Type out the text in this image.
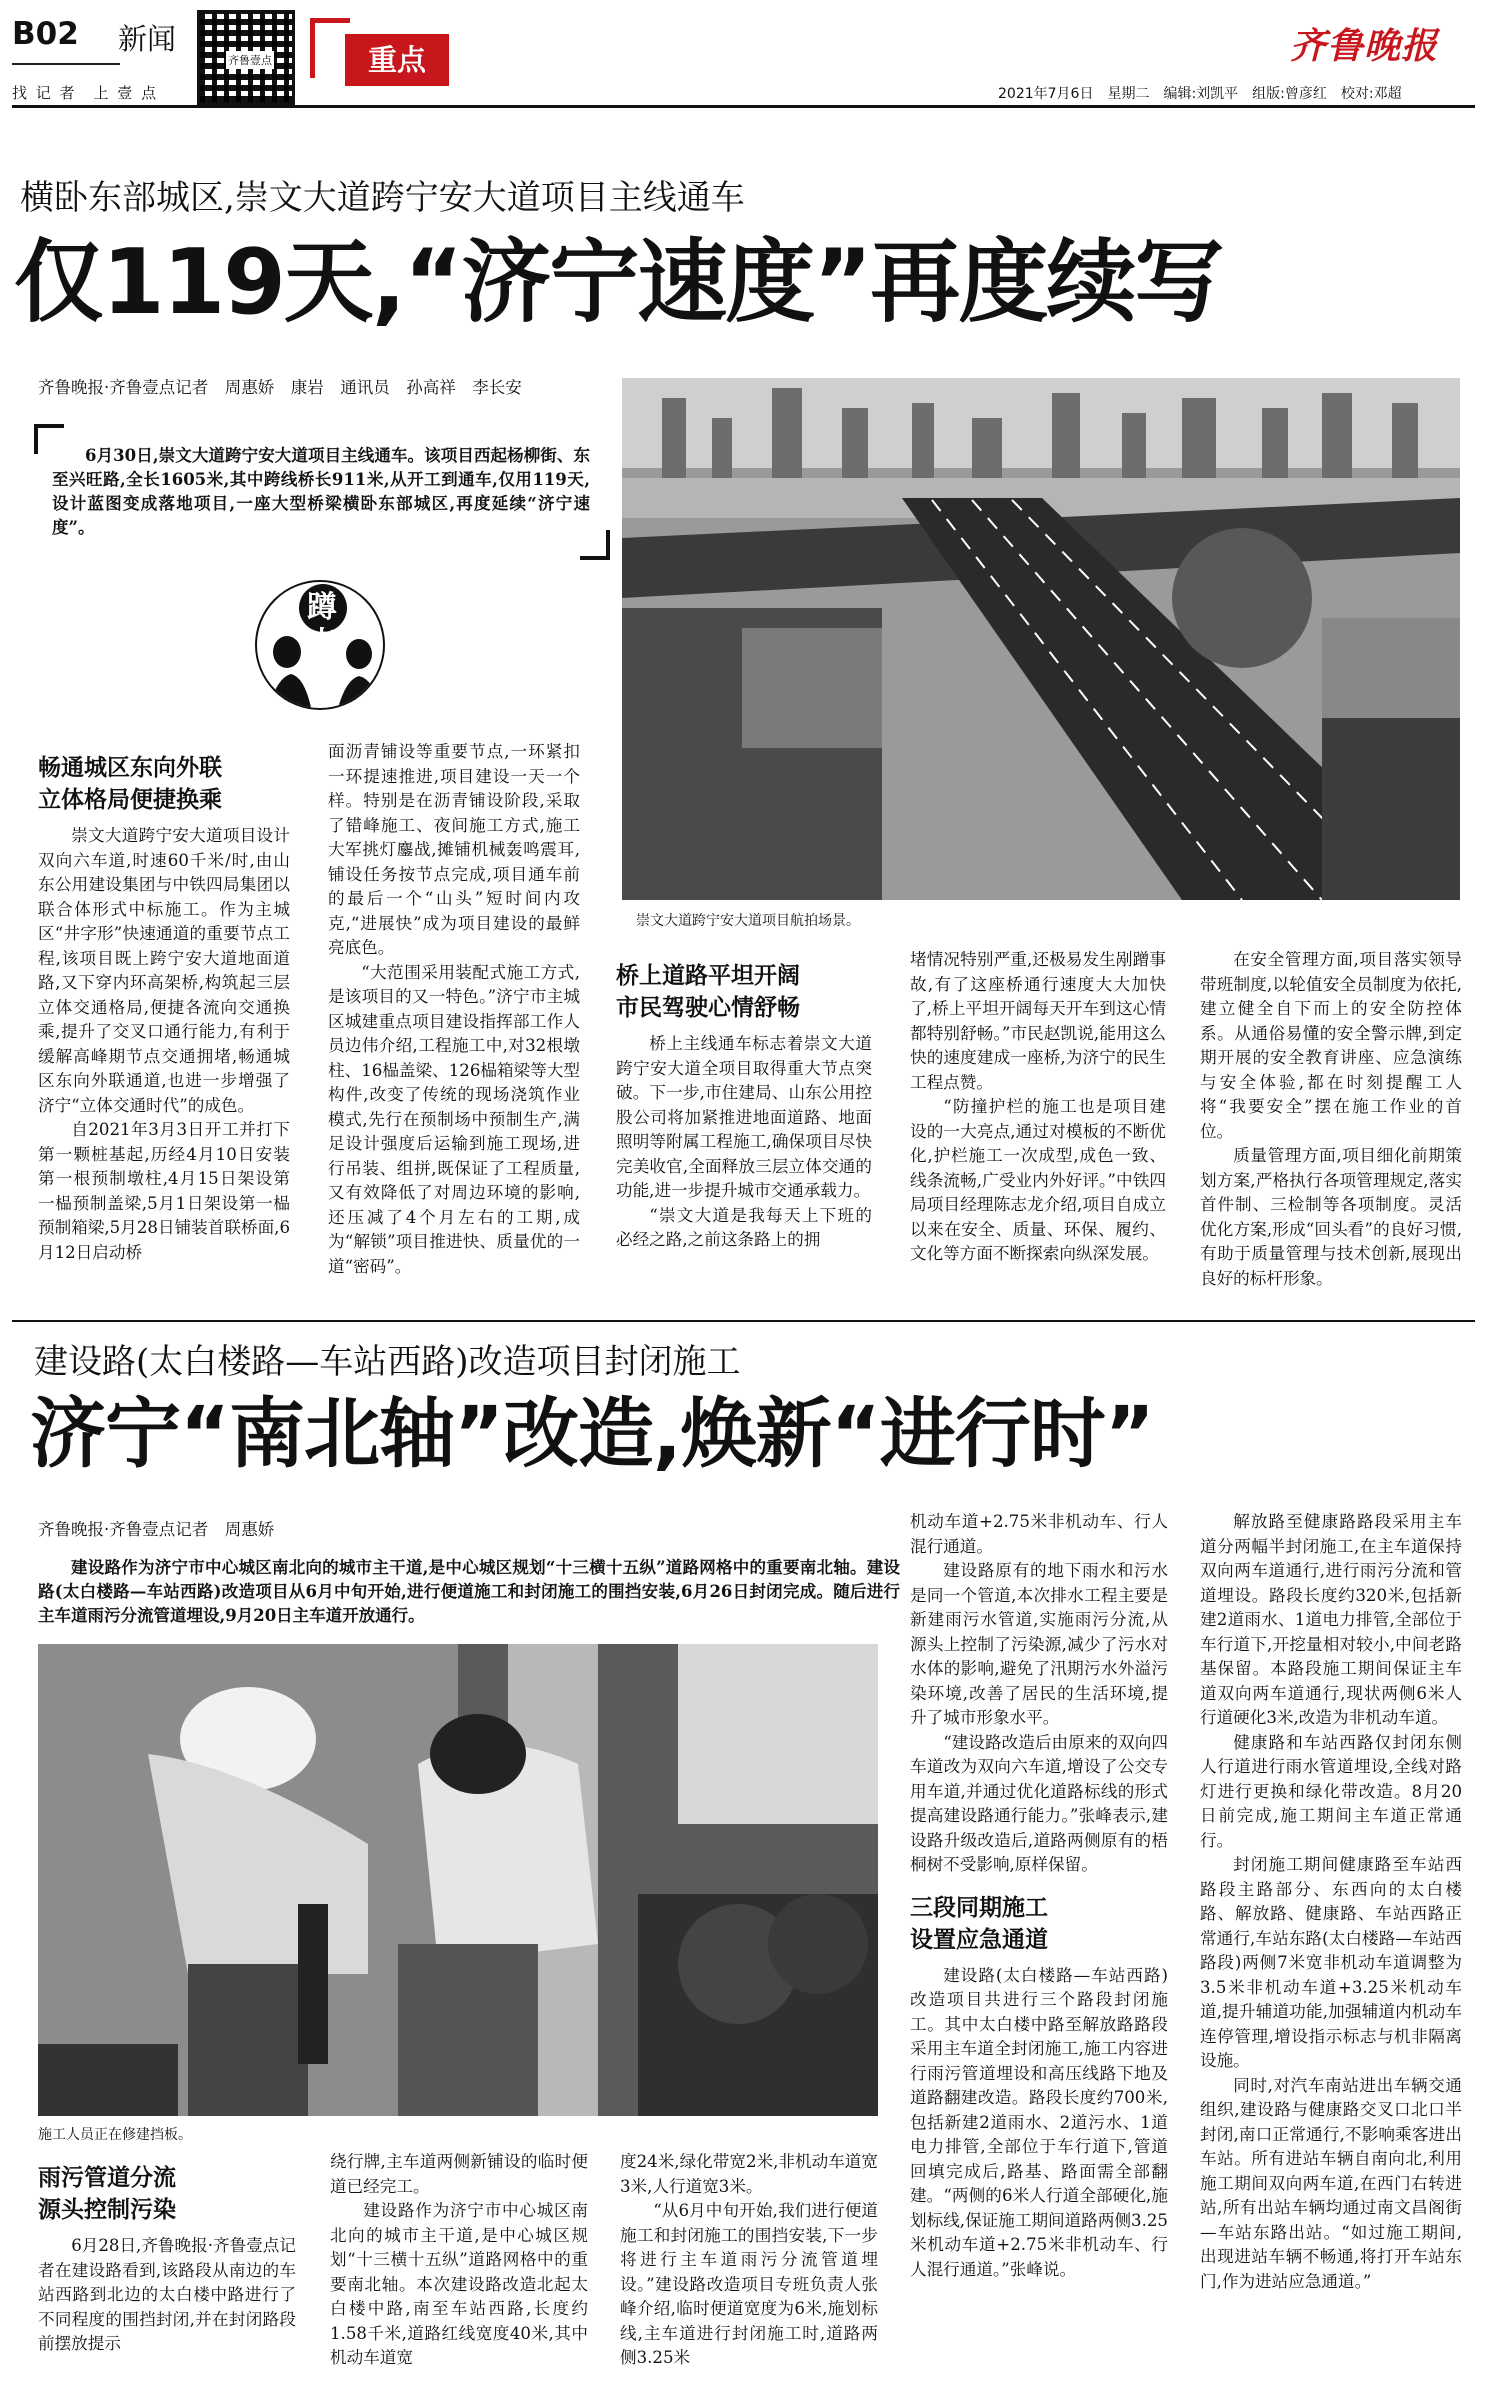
B02 新闻
齐鲁壹点
找 记 者　上 壹 点
重点	齐鲁晚报
2021年7月6日　星期二　编辑:刘凯平　组版:曾彦红　校对:邓超
横卧东部城区,崇文大道跨宁安大道项目主线通车
仅119天,“济宁速度”再度续写
齐鲁晚报·齐鲁壹点记者　周惠娇　康岩　通讯员　孙高祥　李长安
6月30日,崇文大道跨宁安大道项目主线通车。该项目西起杨柳街、东至兴旺路,全长1605米,其中跨线桥长911米,从开工到通车,仅用119天,设计蓝图变成落地项目,一座大型桥梁横卧东部城区,再度延续“济宁速度”。
蹲点
崇文大道跨宁安大道项目航拍场景。
畅通城区东向外联
立体格局便捷换乘

崇文大道跨宁安大道项目设计双向六车道,时速60千米/时,由山东公用建设集团与中铁四局集团以联合体形式中标施工。作为主城区“井字形”快速通道的重要节点工程,该项目既上跨宁安大道地面道路,又下穿内环高架桥,构筑起三层立体交通格局,便捷各流向交通换乘,提升了交叉口通行能力,有利于缓解高峰期节点交通拥堵,畅通城区东向外联通道,也进一步增强了济宁“立体交通时代”的成色。

自2021年3月3日开工并打下第一颗桩基起,历经4月10日安装第一根预制墩柱,4月15日架设第一榀预制盖梁,5月1日架设第一榀预制箱梁,5月28日铺装首联桥面,6月12日启动桥

面沥青铺设等重要节点,一环紧扣一环提速推进,项目建设一天一个样。特别是在沥青铺设阶段,采取了错峰施工、夜间施工方式,施工大军挑灯鏖战,摊铺机械轰鸣震耳,铺设任务按节点完成,项目通车前的最后一个“山头”短时间内攻克,“进展快”成为项目建设的最鲜亮底色。

“大范围采用装配式施工方式,是该项目的又一特色。”济宁市主城区城建重点项目建设指挥部工作人员边伟介绍,工程施工中,对32根墩柱、16榀盖梁、126榀箱梁等大型构件,改变了传统的现场浇筑作业模式,先行在预制场中预制生产,满足设计强度后运输到施工现场,进行吊装、组拼,既保证了工程质量,又有效降低了对周边环境的影响,还压减了4个月左右的工期,成为“解锁”项目推进快、质量优的一道“密码”。

桥上道路平坦开阔
市民驾驶心情舒畅

桥上主线通车标志着崇文大道跨宁安大道全项目取得重大节点突破。下一步,市住建局、山东公用控股公司将加紧推进地面道路、地面照明等附属工程施工,确保项目尽快完美收官,全面释放三层立体交通的功能,进一步提升城市交通承载力。

“崇文大道是我每天上下班的必经之路,之前这条路上的拥

堵情况特别严重,还极易发生剐蹭事故,有了这座桥通行速度大大加快了,桥上平坦开阔每天开车到这心情都特别舒畅。”市民赵凯说,能用这么快的速度建成一座桥,为济宁的民生工程点赞。

“防撞护栏的施工也是项目建设的一大亮点,通过对模板的不断优化,护栏施工一次成型,成色一致、线条流畅,广受业内外好评。”中铁四局项目经理陈志龙介绍,项目自成立以来在安全、质量、环保、履约、文化等方面不断探索向纵深发展。

在安全管理方面,项目落实领导带班制度,以轮值安全员制度为依托,建立健全自下而上的安全防控体系。从通俗易懂的安全警示牌,到定期开展的安全教育讲座、应急演练与安全体验,都在时刻提醒工人将“我要安全”摆在施工作业的首位。

质量管理方面,项目细化前期策划方案,严格执行各项管理规定,落实首件制、三检制等各项制度。灵活优化方案,形成“回头看”的良好习惯,有助于质量管理与技术创新,展现出良好的标杆形象。

建设路(太白楼路—车站西路)改造项目封闭施工
济宁“南北轴”改造,焕新“进行时”
齐鲁晚报·齐鲁壹点记者　周惠娇
建设路作为济宁市中心城区南北向的城市主干道,是中心城区规划“十三横十五纵”道路网格中的重要南北轴。建设路(太白楼路—车站西路)改造项目从6月中旬开始,进行便道施工和封闭施工的围挡安装,6月26日封闭完成。随后进行主车道雨污分流管道埋设,9月20日主车道开放通行。
施工人员正在修建挡板。
雨污管道分流
源头控制污染

6月28日,齐鲁晚报·齐鲁壹点记者在建设路看到,该路段从南边的车站西路到北边的太白楼中路进行了不同程度的围挡封闭,并在封闭路段前摆放提示

绕行牌,主车道两侧新铺设的临时便道已经完工。

建设路作为济宁市中心城区南北向的城市主干道,是中心城区规划“十三横十五纵”道路网格中的重要南北轴。本次建设路改造北起太白楼中路,南至车站西路,长度约1.58千米,道路红线宽度40米,其中机动车道宽

度24米,绿化带宽2米,非机动车道宽3米,人行道宽3米。

“从6月中旬开始,我们进行便道施工和封闭施工的围挡安装,下一步将进行主车道雨污分流管道埋设。”建设路改造项目专班负责人张峰介绍,临时便道宽度为6米,施划标线,主车道进行封闭施工时,道路两侧3.25米

机动车道+2.75米非机动车、行人混行通道。

建设路原有的地下雨水和污水是同一个管道,本次排水工程主要是新建雨污水管道,实施雨污分流,从源头上控制了污染源,减少了污水对水体的影响,避免了汛期污水外溢污染环境,改善了居民的生活环境,提升了城市形象水平。

“建设路改造后由原来的双向四车道改为双向六车道,增设了公交专用车道,并通过优化道路标线的形式提高建设路通行能力。”张峰表示,建设路升级改造后,道路两侧原有的梧桐树不受影响,原样保留。

三段同期施工
设置应急通道

建设路(太白楼路—车站西路)改造项目共进行三个路段封闭施工。其中太白楼中路至解放路路段采用主车道全封闭施工,施工内容进行雨污管道埋设和高压线路下地及道路翻建改造。路段长度约700米,包括新建2道雨水、2道污水、1道电力排管,全部位于车行道下,管道回填完成后,路基、路面需全部翻建。“两侧的6米人行道全部硬化,施划标线,保证施工期间道路两侧3.25米机动车道+2.75米非机动车、行人混行通道。”张峰说。

解放路至健康路路段采用主车道分两幅半封闭施工,在主车道保持双向两车道通行,进行雨污分流和管道埋设。路段长度约320米,包括新建2道雨水、1道电力排管,全部位于车行道下,开挖量相对较小,中间老路基保留。本路段施工期间保证主车道双向两车道通行,现状两侧6米人行道硬化3米,改造为非机动车道。

健康路和车站西路仅封闭东侧人行道进行雨水管道埋设,全线对路灯进行更换和绿化带改造。8月20日前完成,施工期间主车道正常通行。

封闭施工期间健康路至车站西路段主路部分、东西向的太白楼路、解放路、健康路、车站西路正常通行,车站东路(太白楼路—车站西路段)两侧7米宽非机动车道调整为3.5米非机动车道+3.25米机动车道,提升辅道功能,加强辅道内机动车连停管理,增设指示标志与机非隔离设施。

同时,对汽车南站进出车辆交通组织,建设路与健康路交叉口北口半封闭,南口正常通行,不影响乘客进出车站。所有进站车辆自南向北,利用施工期间双向两车道,在西门右转进站,所有出站车辆均通过南文昌阁街—车站东路出站。“如过施工期间,出现进站车辆不畅通,将打开车站东门,作为进站应急通道。”
